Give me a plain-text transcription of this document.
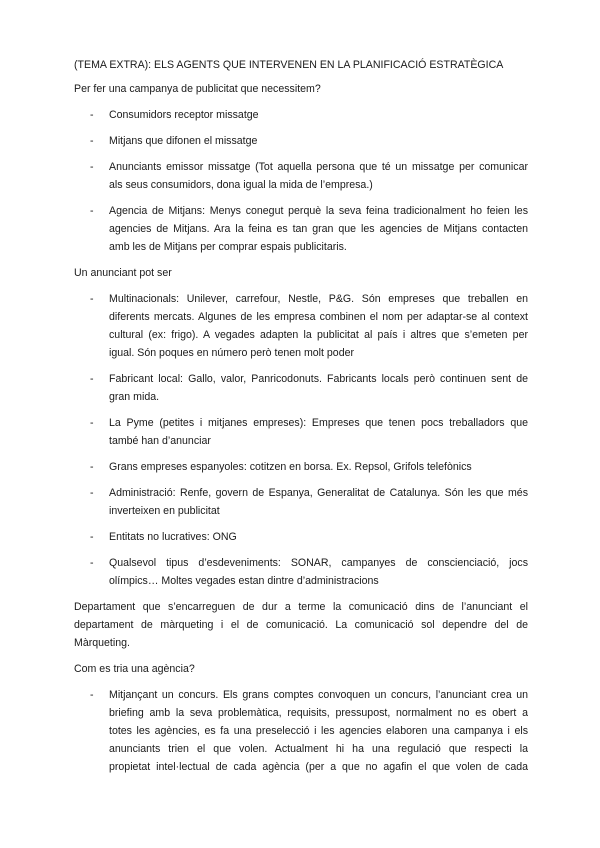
(TEMA EXTRA): ELS AGENTS QUE INTERVENEN EN LA PLANIFICACIÓ ESTRATÈGICA

Per fer una campanya de publicitat que necessitem?

- Consumidors receptor missatge
- Mitjans que difonen el missatge
- Anunciants emissor missatge (Tot aquella persona que té un missatge per comunicar
als seus consumidors, dona igual la mida de l’empresa.)
- Agencia de Mitjans: Menys conegut perquè la seva feina tradicionalment ho feien les
agencies de Mitjans. Ara la feina es tan gran que les agencies de Mitjans contacten
amb les de Mitjans per comprar espais publicitaris.

Un anunciant pot ser

- Multinacionals: Unilever, carrefour, Nestle, P&G. Són empreses que treballen en
diferents mercats. Algunes de les empresa combinen el nom per adaptar-se al context
cultural (ex: frigo). A vegades adapten la publicitat al país i altres que s’emeten per
igual. Són poques en número però tenen molt poder
- Fabricant local: Gallo, valor, Panricodonuts. Fabricants locals però continuen sent de
gran mida.
- La Pyme (petites i mitjanes empreses): Empreses que tenen pocs treballadors que
també han d’anunciar
- Grans empreses espanyoles: cotitzen en borsa. Ex. Repsol, Grifols telefònics
- Administració: Renfe, govern de Espanya, Generalitat de Catalunya. Són les que més
inverteixen en publicitat
- Entitats no lucratives: ONG
- Qualsevol tipus d’esdeveniments: SONAR, campanyes de conscienciació, jocs
olímpics… Moltes vegades estan dintre d’administracions
Departament que s’encarreguen de dur a terme la comunicació dins de l’anunciant el
departament de màrqueting i el de comunicació. La comunicació sol dependre del de
Màrqueting.

Com es tria una agència?

- Mitjançant un concurs. Els grans comptes convoquen un concurs, l’anunciant crea un
briefing amb la seva problemàtica, requisits, pressupost, normalment no es obert a
totes les agències, es fa una preselecció i les agencies elaboren una campanya i els
anunciants trien el que volen. Actualment hi ha una regulació que respecti la
propietat intel·lectual de cada agència (per a que no agafin el que volen de cada
